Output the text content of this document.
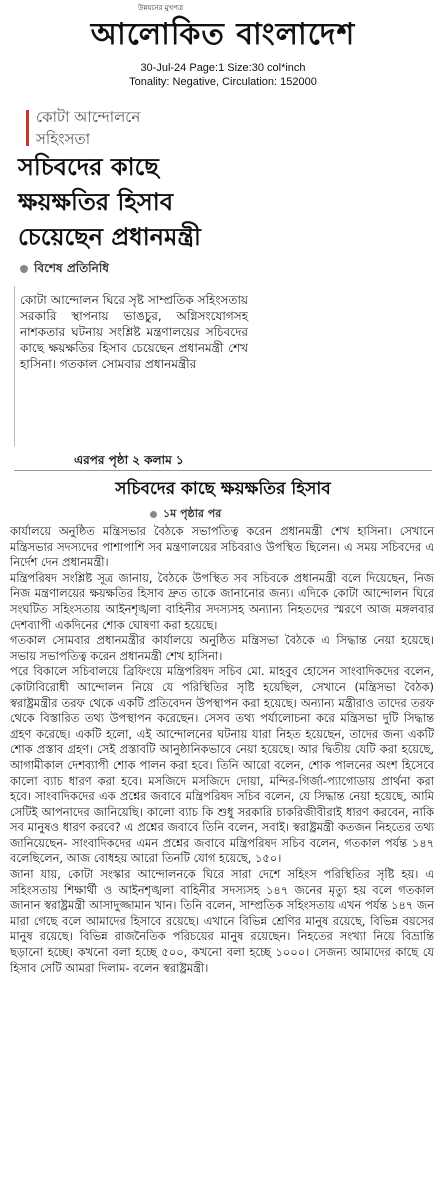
উন্নয়নের মুখপত্র
আলোকিত বাংলাদেশ
30-Jul-24 Page:1 Size:30 col*inch
Tonality: Negative, Circulation: 152000
কোটা আন্দোলনে
সহিংসতা
সচিবদের কাছে
ক্ষয়ক্ষতির হিসাব
চেয়েছেন প্রধানমন্ত্রী
বিশেষ প্রতিনিধি
কোটা আন্দোলন ঘিরে সৃষ্ট সাম্প্রতিক সহিংসতায় সরকারি স্থাপনায় ভাঙচুর, অগ্নিসংযোগসহ নাশকতার ঘটনায় সংশ্লিষ্ট মন্ত্রণালয়ের সচিবদের কাছে ক্ষয়ক্ষতির হিসাব চেয়েছেন প্রধানমন্ত্রী শেখ হাসিনা। গতকাল সোমবার প্রধানমন্ত্রীর
এরপর পৃষ্ঠা ২ কলাম ১
সচিবদের কাছে ক্ষয়ক্ষতির হিসাব
১ম পৃষ্ঠার পর

কার্যালয়ে অনুষ্ঠিত মন্ত্রিসভার বৈঠকে সভাপতিত্ব করেন প্রধানমন্ত্রী শেখ হাসিনা। সেখানে মন্ত্রিসভার সদস্যদের পাশাপাশি সব মন্ত্রণালয়ের সচিবরাও উপস্থিত ছিলেন। এ সময় সচিবদের এ নির্দেশ দেন প্রধানমন্ত্রী।

মন্ত্রিপরিষদ সংশ্লিষ্ট সূত্র জানায়, বৈঠকে উপস্থিত সব সচিবকে প্রধানমন্ত্রী বলে দিয়েছেন, নিজ নিজ মন্ত্রণালয়ের ক্ষয়ক্ষতির হিসাব দ্রুত তাকে জানানোর জন্য। এদিকে কোটা আন্দোলন ঘিরে সংঘটিত সহিংসতায় আইনশৃঙ্খলা বাহিনীর সদস্যসহ অন্যান্য নিহতদের স্মরণে আজ মঙ্গলবার দেশব্যাপী একদিনের শোক ঘোষণা করা হয়েছে।

গতকাল সোমবার প্রধানমন্ত্রীর কার্যালয়ে অনুষ্ঠিত মন্ত্রিসভা বৈঠকে এ সিদ্ধান্ত নেয়া হয়েছে। সভায় সভাপতিত্ব করেন প্রধানমন্ত্রী শেখ হাসিনা।

পরে বিকালে সচিবালয়ে ব্রিফিংয়ে মন্ত্রিপরিষদ সচিব মো. মাহবুব হোসেন সাংবাদিকদের বলেন, কোটাবিরোধী আন্দোলন নিয়ে যে পরিস্থিতির সৃষ্টি হয়েছিল, সেখানে (মন্ত্রিসভা বৈঠক) স্বরাষ্ট্রমন্ত্রীর তরফ থেকে একটি প্রতিবেদন উপস্থাপন করা হয়েছে। অন্যান্য মন্ত্রীরাও তাদের তরফ থেকে বিস্তারিত তথ্য উপস্থাপন করেছেন। সেসব তথ্য পর্যালোচনা করে মন্ত্রিসভা দুটি সিদ্ধান্ত গ্রহণ করেছে। একটি হলো, এই আন্দোলনের ঘটনায় যারা নিহত হয়েছেন, তাদের জন্য একটি শোক প্রস্তাব গ্রহণ। সেই প্রস্তাবটি আনুষ্ঠানিকভাবে নেয়া হয়েছে। আর দ্বিতীয় যেটি করা হয়েছে, আগামীকাল দেশব্যাপী শোক পালন করা হবে। তিনি আরো বলেন, শোক পালনের অংশ হিসেবে কালো ব্যাচ ধারণ করা হবে। মসজিদে মসজিদে দোয়া, মন্দির-গির্জা-প্যাগোডায় প্রার্থনা করা হবে। সাংবাদিকদের এক প্রশ্নের জবাবে মন্ত্রিপরিষদ সচিব বলেন, যে সিদ্ধান্ত নেয়া হয়েছে, আমি সেটিই আপনাদের জানিয়েছি। কালো ব্যাচ কি শুধু সরকারি চাকরিজীবীরাই ধারণ করবেন, নাকি সব মানুষও ধারণ করবে? এ প্রশ্নের জবাবে তিনি বলেন, সবাই। স্বরাষ্ট্রমন্ত্রী কতজন নিহতের তথ্য জানিয়েছেন- সাংবাদিকদের এমন প্রশ্নের জবাবে মন্ত্রিপরিষদ সচিব বলেন, গতকাল পর্যন্ত ১৪৭ বলেছিলেন, আজ বোধহয় আরো তিনটি যোগ হয়েছে, ১৫০।

জানা যায়, কোটা সংস্কার আন্দোলনকে ঘিরে সারা দেশে সহিংস পরিস্থিতির সৃষ্টি হয়। এ সহিংসতায় শিক্ষার্থী ও আইনশৃঙ্খলা বাহিনীর সদস্যসহ ১৪৭ জনের মৃত্যু হয় বলে গতকাল জানান স্বরাষ্ট্রমন্ত্রী আসাদুজ্জামান খান। তিনি বলেন, সাম্প্রতিক সহিংসতায় এখন পর্যন্ত ১৪৭ জন মারা গেছে বলে আমাদের হিসাবে রয়েছে। এখানে বিভিন্ন শ্রেণির মানুষ রয়েছে, বিভিন্ন বয়সের মানুষ রয়েছে। বিভিন্ন রাজনৈতিক পরিচয়ের মানুষ রয়েছেন। নিহতের সংখ্যা নিয়ে বিভ্রান্তি ছড়ানো হচ্ছে। কখনো বলা হচ্ছে ৫০০, কখনো বলা হচ্ছে ১০০০। সেজন্য আমাদের কাছে যে হিসাব সেটি আমরা দিলাম- বলেন স্বরাষ্ট্রমন্ত্রী।
